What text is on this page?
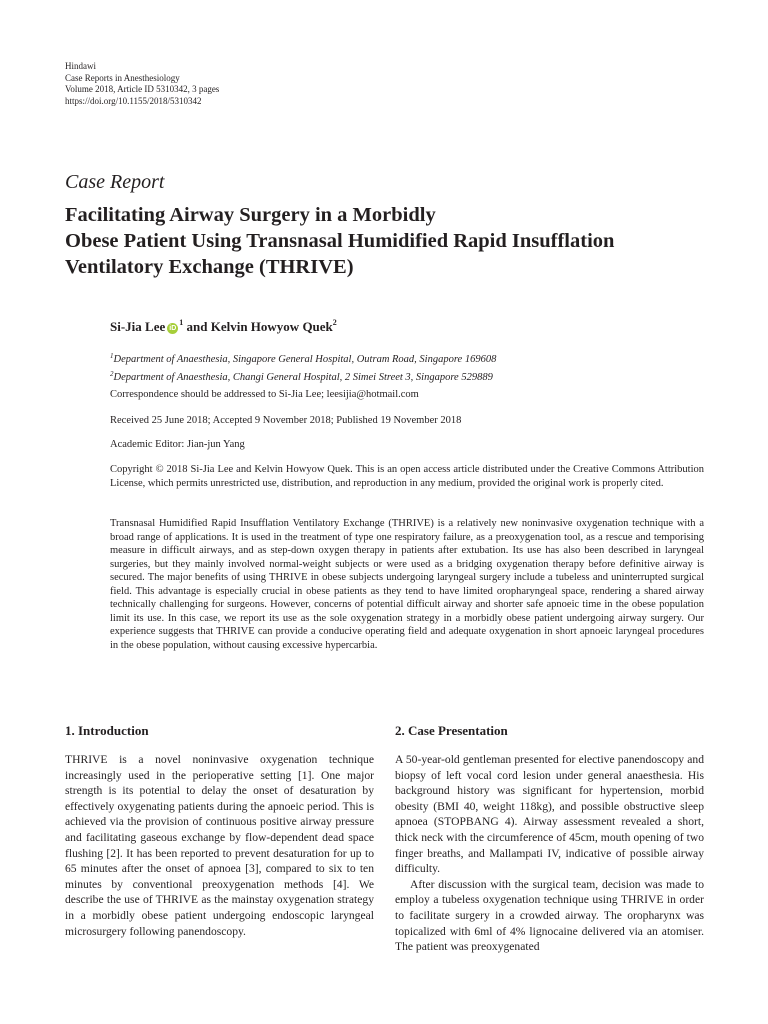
Hindawi
Case Reports in Anesthesiology
Volume 2018, Article ID 5310342, 3 pages
https://doi.org/10.1155/2018/5310342
Case Report
Facilitating Airway Surgery in a Morbidly
Obese Patient Using Transnasal Humidified Rapid Insufflation
Ventilatory Exchange (THRIVE)
Si-Jia Lee $iD^1$ and Kelvin Howyow Quek$^2$
$^1$Department of Anaesthesia, Singapore General Hospital, Outram Road, Singapore 169608
$^2$Department of Anaesthesia, Changi General Hospital, 2 Simei Street 3, Singapore 529889
Correspondence should be addressed to Si-Jia Lee; leesijia@hotmail.com
Received 25 June 2018; Accepted 9 November 2018; Published 19 November 2018
Academic Editor: Jian-jun Yang
Copyright © 2018 Si-Jia Lee and Kelvin Howyow Quek. This is an open access article distributed under the Creative Commons Attribution License, which permits unrestricted use, distribution, and reproduction in any medium, provided the original work is properly cited.
Transnasal Humidified Rapid Insufflation Ventilatory Exchange (THRIVE) is a relatively new noninvasive oxygenation technique with a broad range of applications. It is used in the treatment of type one respiratory failure, as a preoxygenation tool, as a rescue and temporising measure in difficult airways, and as step-down oxygen therapy in patients after extubation. Its use has also been described in laryngeal surgeries, but they mainly involved normal-weight subjects or were used as a bridging oxygenation therapy before definitive airway is secured. The major benefits of using THRIVE in obese subjects undergoing laryngeal surgery include a tubeless and uninterrupted surgical field. This advantage is especially crucial in obese patients as they tend to have limited oropharyngeal space, rendering a shared airway technically challenging for surgeons. However, concerns of potential difficult airway and shorter safe apnoeic time in the obese population limit its use. In this case, we report its use as the sole oxygenation strategy in a morbidly obese patient undergoing airway surgery. Our experience suggests that THRIVE can provide a conducive operating field and adequate oxygenation in short apnoeic laryngeal procedures in the obese population, without causing excessive hypercarbia.
1. Introduction	2. Case Presentation

THRIVE is a novel noninvasive oxygenation technique increasingly used in the perioperative setting [1]. One major strength is its potential to delay the onset of desaturation by effectively oxygenating patients during the apnoeic period. This is achieved via the provision of continuous positive airway pressure and facilitating gaseous exchange by flow-dependent dead space flushing [2]. It has been reported to prevent desaturation for up to 65 minutes after the onset of apnoea [3], compared to six to ten minutes by conventional preoxygenation methods [4]. We describe the use of THRIVE as the mainstay oxygenation strategy in a morbidly obese patient undergoing endoscopic laryngeal microsurgery following panendoscopy.

A 50-year-old gentleman presented for elective panendoscopy and biopsy of left vocal cord lesion under general anaesthesia. His background history was significant for hypertension, morbid obesity (BMI 40, weight 118kg), and possible obstructive sleep apnoea (STOPBANG 4). Airway assessment revealed a short, thick neck with the circumference of 45cm, mouth opening of two finger breaths, and Mallampati IV, indicative of possible airway difficulty.

After discussion with the surgical team, decision was made to employ a tubeless oxygenation technique using THRIVE in order to facilitate surgery in a crowded airway. The oropharynx was topicalized with 6ml of 4% lignocaine delivered via an atomiser. The patient was preoxygenated
